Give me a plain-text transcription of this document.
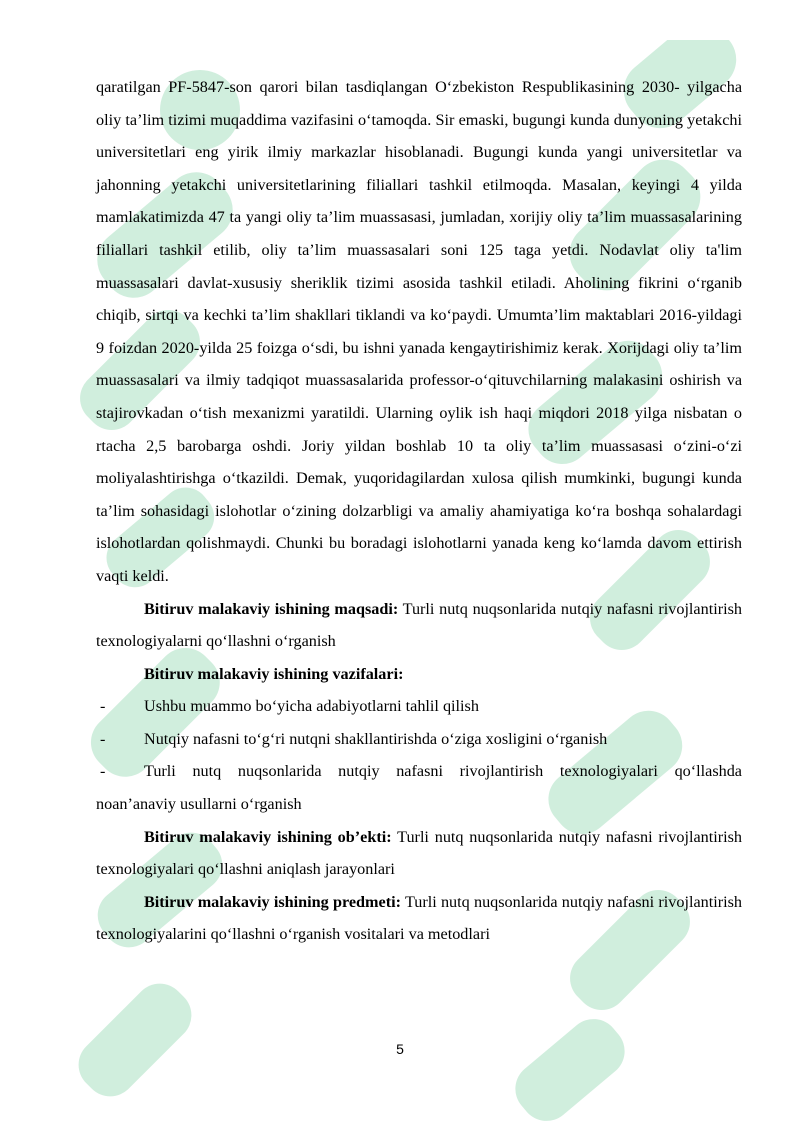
qaratilgan PF-5847-son qarori bilan tasdiqlangan O‘zbekiston Respublikasining 2030- yilgacha oliy ta’lim tizimi muqaddima vazifasini o‘tamoqda. Sir emaski, bugungi kunda dunyoning yetakchi universitetlari eng yirik ilmiy markazlar hisoblanadi. Bugungi kunda yangi universitetlar va jahonning yetakchi universitetlarining filiallari tashkil etilmoqda. Masalan, keyingi 4 yilda mamlakatimizda 47 ta yangi oliy ta’lim muassasasi, jumladan, xorijiy oliy ta’lim muassasalarining filiallari tashkil etilib, oliy ta’lim muassasalari soni 125 taga yetdi. Nodavlat oliy ta'lim muassasalari davlat-xususiy sheriklik tizimi asosida tashkil etiladi. Aholining fikrini o‘rganib chiqib, sirtqi va kechki ta’lim shakllari tiklandi va ko‘paydi. Umumta’lim maktablari 2016-yildagi 9 foizdan 2020-yilda 25 foizga o‘sdi, bu ishni yanada kengaytirishimiz kerak. Xorijdagi oliy ta’lim muassasalari va ilmiy tadqiqot muassasalarida professor-o‘qituvchilarning malakasini oshirish va stajirovkadan o‘tish mexanizmi yaratildi. Ularning oylik ish haqi miqdori 2018 yilga nisbatan o rtacha 2,5 barobarga oshdi. Joriy yildan boshlab 10 ta oliy ta’lim muassasasi o‘zini-o‘zi moliyalashtirishga o‘tkazildi. Demak, yuqoridagilardan xulosa qilish mumkinki, bugungi kunda ta’lim sohasidagi islohotlar o‘zining dolzarbligi va amaliy ahamiyatiga ko‘ra boshqa sohalardagi islohotlardan qolishmaydi. Chunki bu boradagi islohotlarni yanada keng ko‘lamda davom ettirish vaqti keldi.

Bitiruv malakaviy ishining maqsadi: Turli nutq nuqsonlarida nutqiy nafasni rivojlantirish texnologiyalarni qo‘llashni o‘rganish

Bitiruv malakaviy ishining vazifalari:

-	Ushbu muammo bo‘yicha adabiyotlarni tahlil qilish
-	Nutqiy nafasni to‘g‘ri nutqni shakllantirishda o‘ziga xosligini o‘rganish
-	Turli nutq nuqsonlarida nutqiy nafasni rivojlantirish texnologiyalari qo‘llashda

noan’anaviy usullarni o‘rganish

Bitiruv malakaviy ishining ob’ekti: Turli nutq nuqsonlarida nutqiy nafasni rivojlantirish texnologiyalari qo‘llashni aniqlash jarayonlari

Bitiruv malakaviy ishining predmeti: Turli nutq nuqsonlarida nutqiy nafasni rivojlantirish texnologiyalarini qo‘llashni o‘rganish vositalari va metodlari

5
